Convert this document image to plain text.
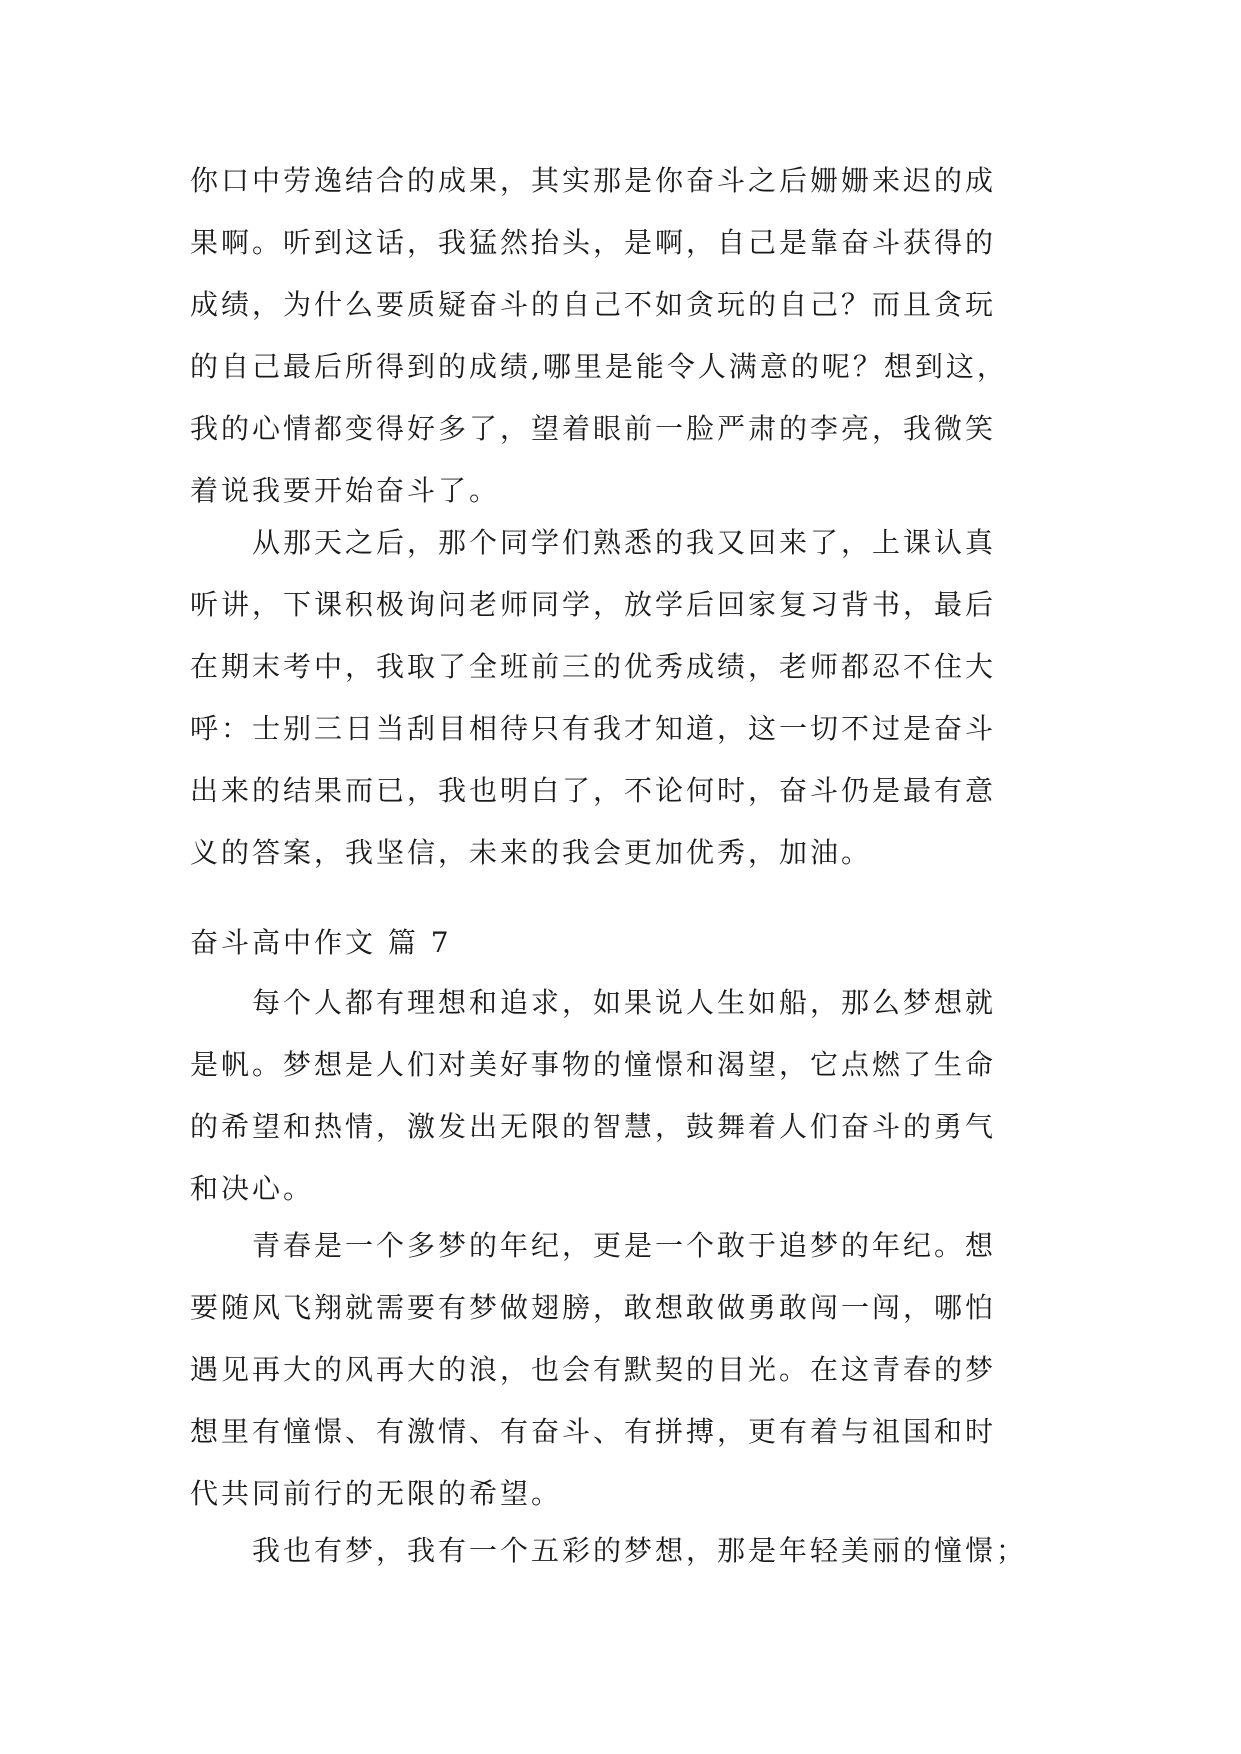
你口中劳逸结合的成果，其实那是你奋斗之后姗姗来迟的成
果啊。听到这话，我猛然抬头，是啊，自己是靠奋斗获得的
成绩，为什么要质疑奋斗的自己不如贪玩的自己？而且贪玩
的自己最后所得到的成绩,哪里是能令人满意的呢？想到这，
我的心情都变得好多了，望着眼前一脸严肃的李亮，我微笑
着说我要开始奋斗了。
　　从那天之后，那个同学们熟悉的我又回来了，上课认真
听讲，下课积极询问老师同学，放学后回家复习背书，最后
在期末考中，我取了全班前三的优秀成绩，老师都忍不住大
呼：士别三日当刮目相待只有我才知道，这一切不过是奋斗
出来的结果而已，我也明白了，不论何时，奋斗仍是最有意
义的答案，我坚信，未来的我会更加优秀，加油。
奋斗高中作文 篇 7
　　每个人都有理想和追求，如果说人生如船，那么梦想就
是帆。梦想是人们对美好事物的憧憬和渴望，它点燃了生命
的希望和热情，激发出无限的智慧，鼓舞着人们奋斗的勇气
和决心。
　　青春是一个多梦的年纪，更是一个敢于追梦的年纪。想
要随风飞翔就需要有梦做翅膀，敢想敢做勇敢闯一闯，哪怕
遇见再大的风再大的浪，也会有默契的目光。在这青春的梦
想里有憧憬、有激情、有奋斗、有拼搏，更有着与祖国和时
代共同前行的无限的希望。
　　我也有梦，我有一个五彩的梦想，那是年轻美丽的憧憬；
